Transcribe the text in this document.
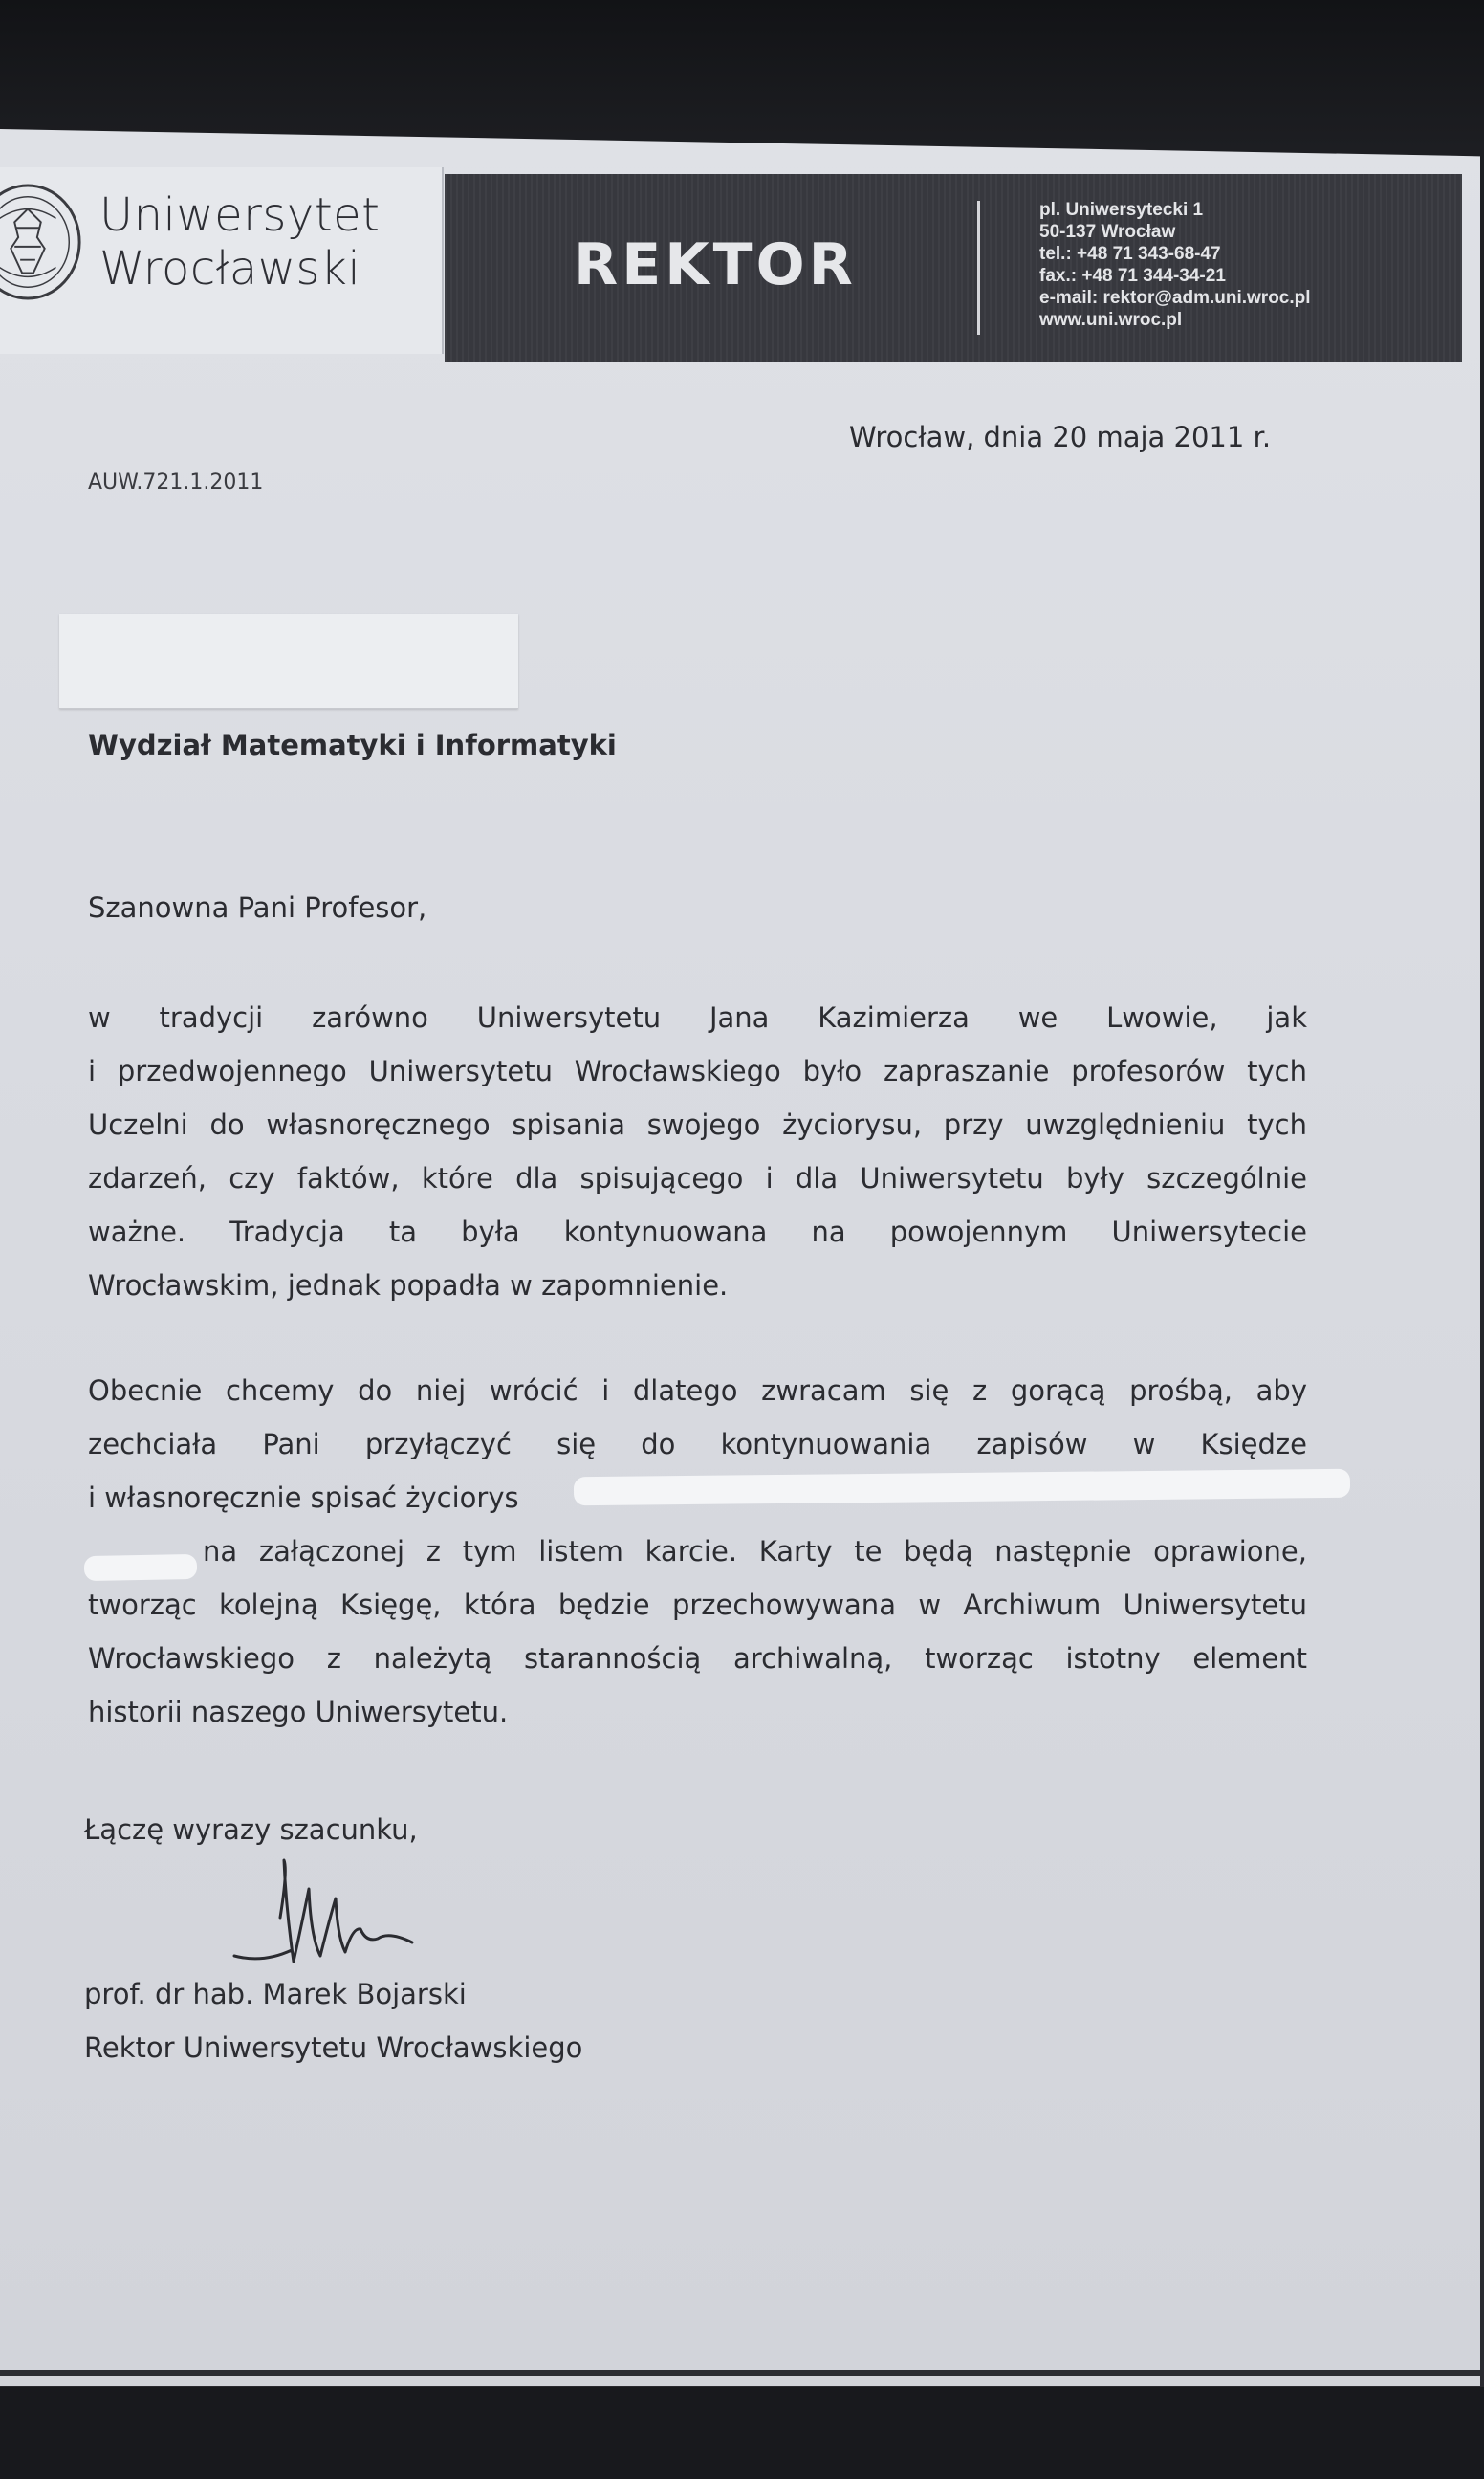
Uniwersytet
Wrocławski	REKTOR
pl. Uniwersytecki 1
50-137 Wrocław
tel.: +48 71 343-68-47
fax.: +48 71 344-34-21
e-mail: rektor@adm.uni.wroc.pl
www.uni.wroc.pl
Wrocław, dnia 20 maja 2011 r.
AUW.721.1.2011
Wydział Matematyki i Informatyki
Szanowna Pani Profesor,
w tradycji zarówno Uniwersytetu Jana Kazimierza we Lwowie, jak
i przedwojennego Uniwersytetu Wrocławskiego było zapraszanie profesorów tych
Uczelni do własnoręcznego spisania swojego życiorysu, przy uwzględnieniu tych
zdarzeń, czy faktów, które dla spisującego i dla Uniwersytetu były szczególnie
ważne. Tradycja ta była kontynuowana na powojennym Uniwersytecie
Wrocławskim, jednak popadła w zapomnienie.
Obecnie chcemy do niej wrócić i dlatego zwracam się z gorącą prośbą, aby
zechciała Pani przyłączyć się do kontynuowania zapisów w Księdze
i własnoręcznie spisać życiorys
na załączonej z tym listem karcie. Karty te będą następnie oprawione,
tworząc kolejną Księgę, która będzie przechowywana w Archiwum Uniwersytetu
Wrocławskiego z należytą starannością archiwalną, tworząc istotny element
historii naszego Uniwersytetu.
Łączę wyrazy szacunku,
prof. dr hab. Marek Bojarski
Rektor Uniwersytetu Wrocławskiego
